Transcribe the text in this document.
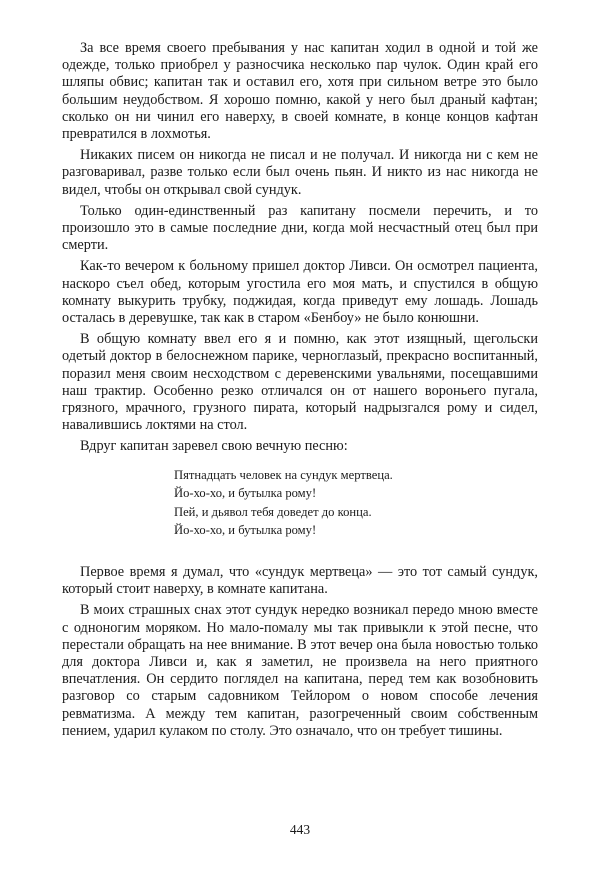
За все время своего пребывания у нас капитан ходил в одной и той же одежде, только приобрел у разносчика несколько пар чулок. Один край его шляпы обвис; капитан так и оставил его, хотя при сильном ветре это было большим неудобством. Я хорошо помню, какой у него был драный кафтан; сколько он ни чинил его наверху, в своей комнате, в конце концов кафтан превратился в лохмотья.

Никаких писем он никогда не писал и не получал. И никогда ни с кем не разговаривал, разве только если был очень пьян. И никто из нас никогда не видел, чтобы он открывал свой сундук.

Только один-единственный раз капитану посмели перечить, и то произошло это в самые последние дни, когда мой несчастный отец был при смерти.

Как-то вечером к больному пришел доктор Ливси. Он осмотрел пациента, наскоро съел обед, которым угостила его моя мать, и спустился в общую комнату выкурить трубку, поджидая, когда приведут ему лошадь. Лошадь осталась в деревушке, так как в старом «Бенбоу» не было конюшни.

В общую комнату ввел его я и помню, как этот изящный, щегольски одетый доктор в белоснежном парике, черноглазый, прекрасно воспитанный, поразил меня своим несходством с деревенскими увальнями, посещавшими наш трактир. Особенно резко отличался он от нашего вороньего пугала, грязного, мрачного, грузного пирата, который надрызгался рому и сидел, навалившись локтями на стол.

Вдруг капитан заревел свою вечную песню:

Пятнадцать человек на сундук мертвеца.
Йо-хо-хо, и бутылка рому!
Пей, и дьявол тебя доведет до конца.
Йо-хо-хо, и бутылка рому!

Первое время я думал, что «сундук мертвеца» — это тот самый сундук, который стоит наверху, в комнате капитана.

В моих страшных снах этот сундук нередко возникал передо мною вместе с одноногим моряком. Но мало-помалу мы так привыкли к этой песне, что перестали обращать на нее внимание. В этот вечер она была новостью только для доктора Ливси и, как я заметил, не произвела на него приятного впечатления. Он сердито поглядел на капитана, перед тем как возобновить разговор со старым садовником Тейлором о новом способе лечения ревматизма. А между тем капитан, разогреченный своим собственным пением, ударил кулаком по столу. Это означало, что он требует тишины.

443
